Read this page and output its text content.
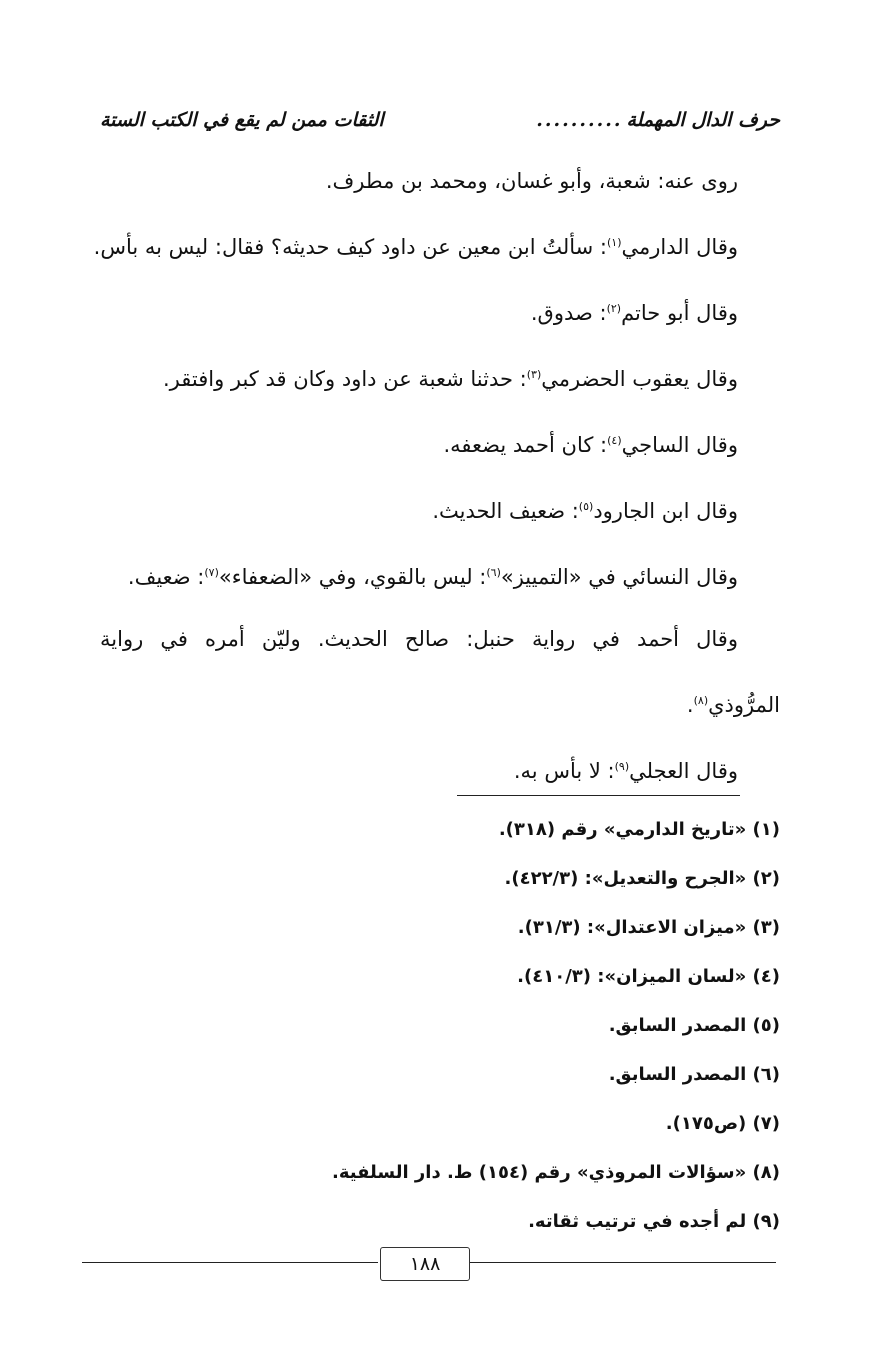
حرف الدال المهملة
..........
الثقات ممن لم يقع في الكتب الستة

روى عنه: شعبة، وأبو غسان، ومحمد بن مطرف.

وقال الدارمي$^{(١)}$: سألتُ ابن معين عن داود كيف حديثه؟ فقال: ليس به بأس.

وقال أبو حاتم$^{(٢)}$: صدوق.

وقال يعقوب الحضرمي$^{(٣)}$: حدثنا شعبة عن داود وكان قد كبر وافتقر.

وقال الساجي$^{(٤)}$: كان أحمد يضعفه.

وقال ابن الجارود$^{(٥)}$: ضعيف الحديث.

وقال النسائي في «التمييز»$^{(٦)}$: ليس بالقوي، وفي «الضعفاء»$^{(٧)}$: ضعيف.

وقال أحمد في رواية حنبل: صالح الحديث. وليّن أمره في رواية

المرُّوذي$^{(٨)}$.

وقال العجلي$^{(٩)}$: لا بأس به.

(١) «تاريخ الدارمي» رقم (٣١٨).
(٢) «الجرح والتعديل»: (٤٢٢/٣).
(٣) «ميزان الاعتدال»: (٣١/٣).
(٤) «لسان الميزان»: (٤١٠/٣).
(٥) المصدر السابق.
(٦) المصدر السابق.
(٧) (ص١٧٥).
(٨) «سؤالات المروذي» رقم (١٥٤) ط. دار السلفية.
(٩) لم أجده في ترتيب ثقاته.
١٨٨
